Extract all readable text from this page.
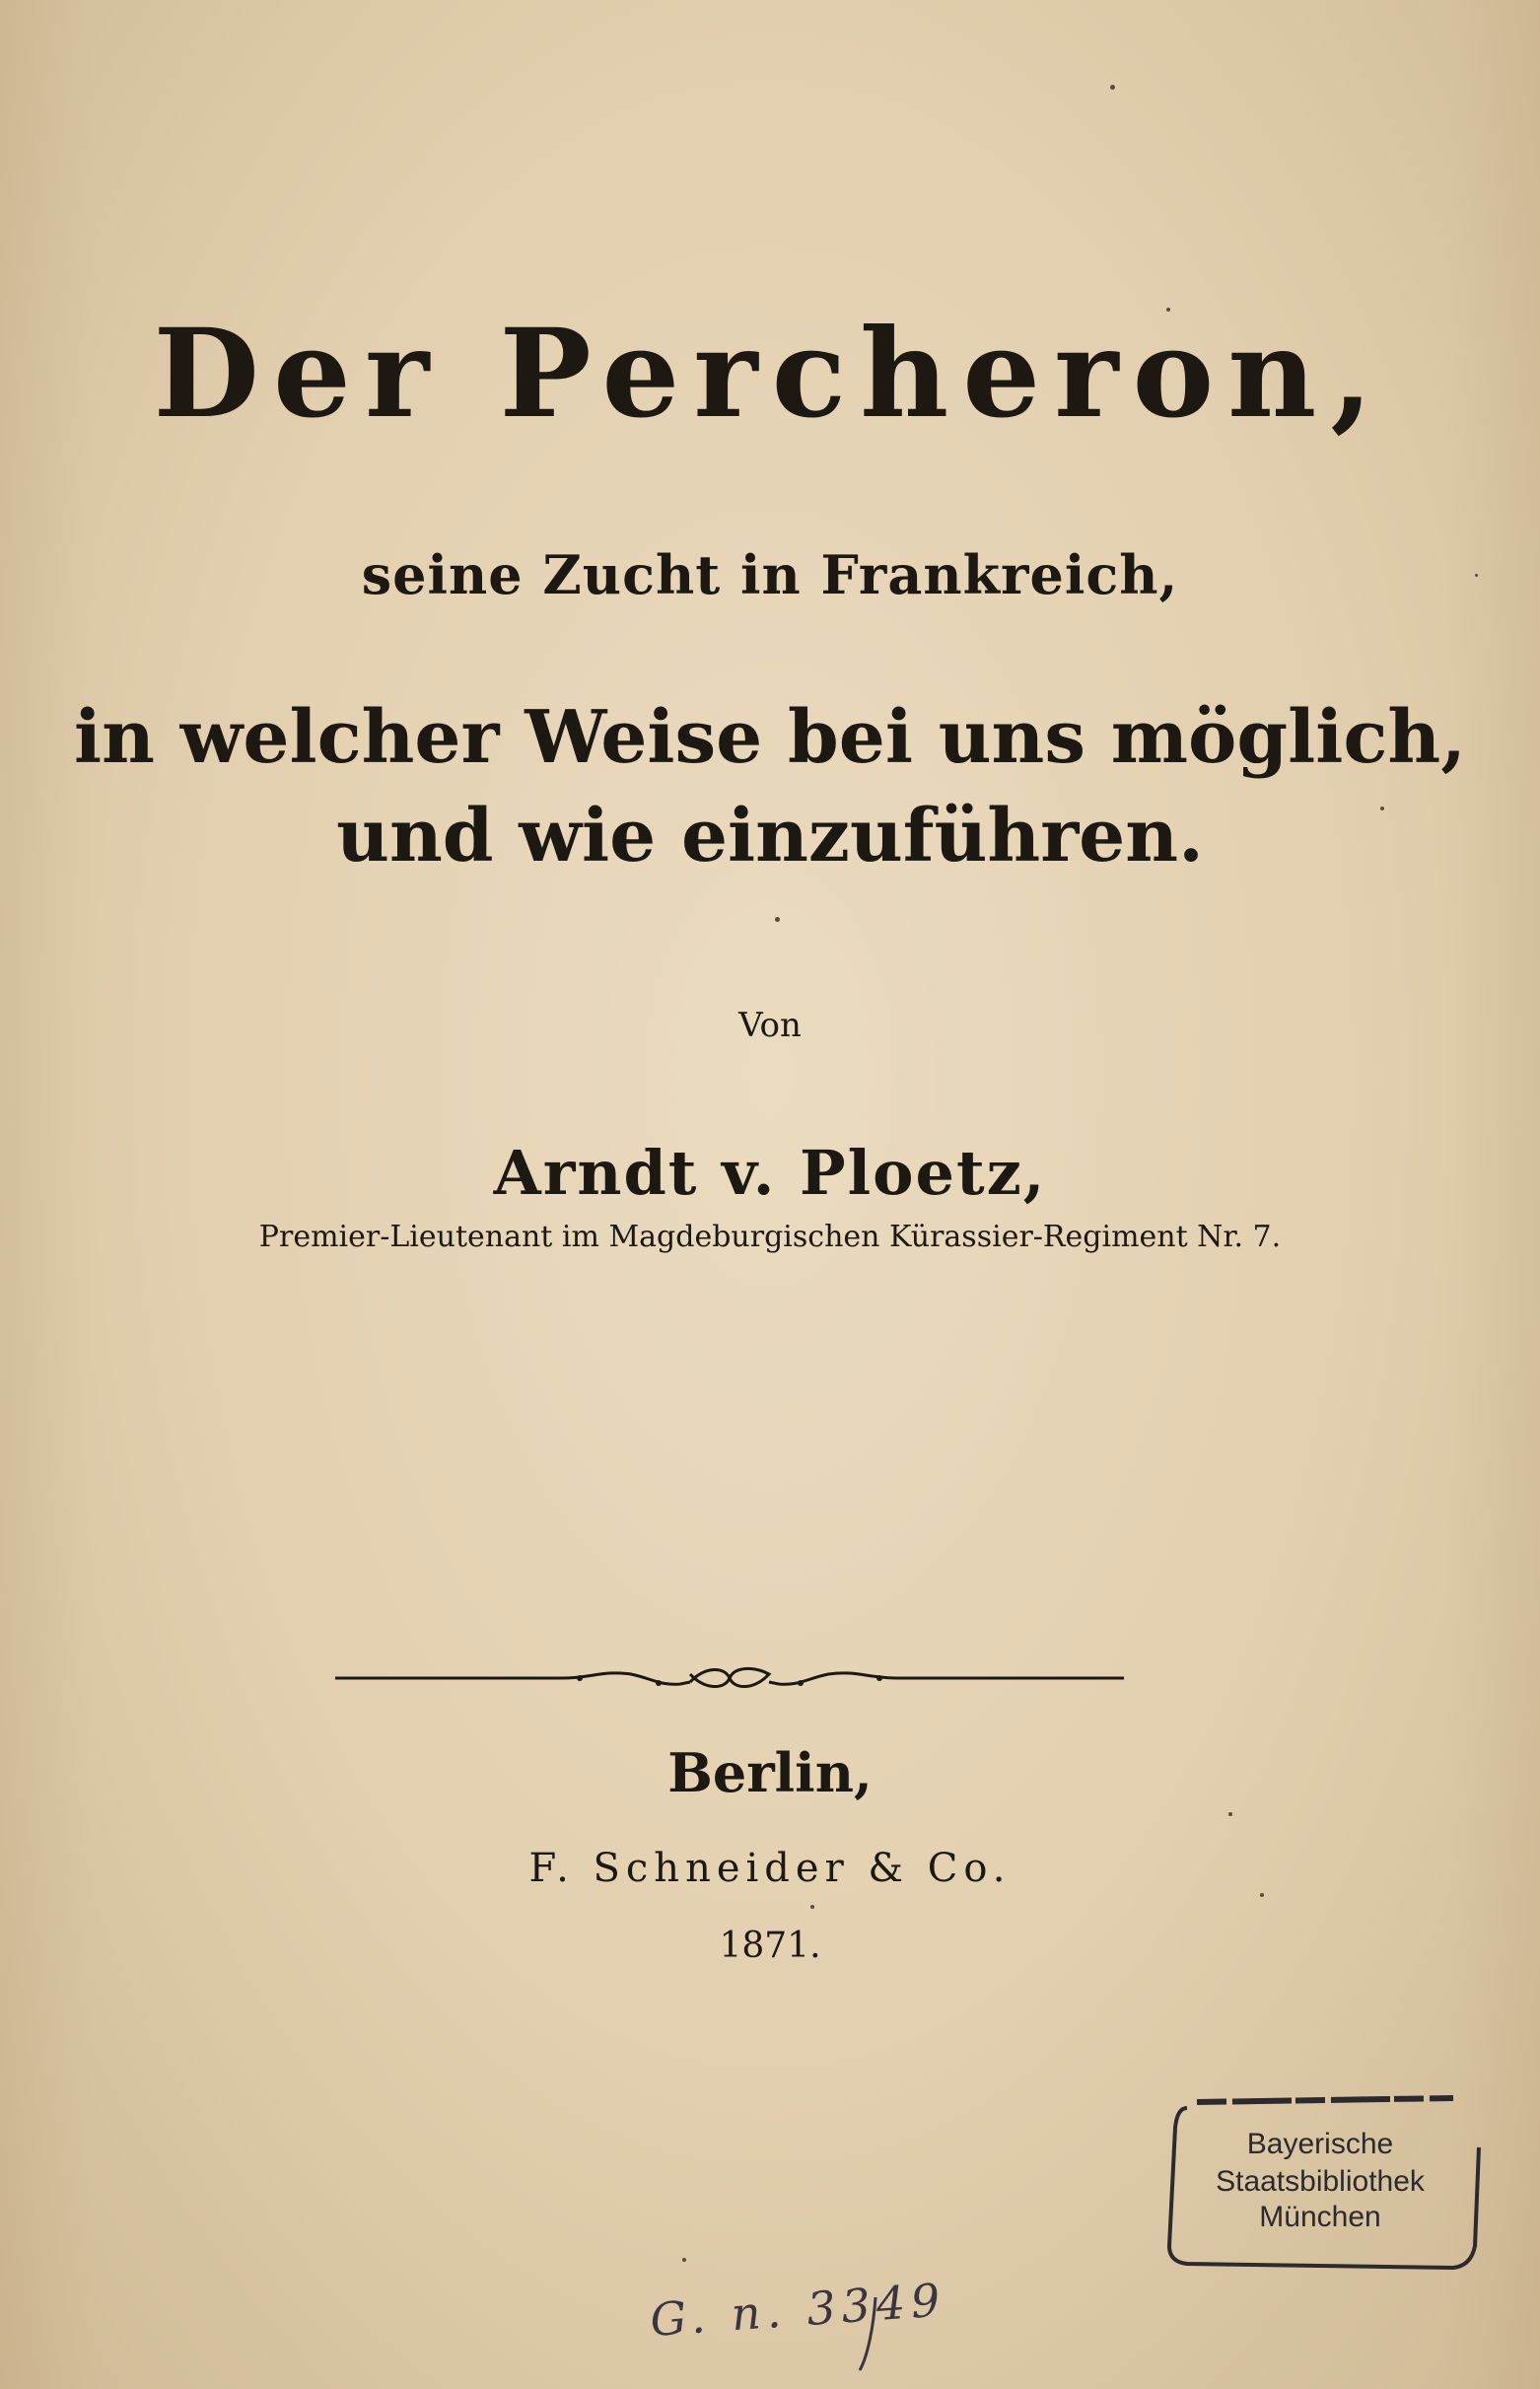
Der Percheron,
seine Zucht in Frankreich,
in welcher Weise bei uns möglich,
und wie einzuführen.
Von
Arndt v. Ploetz,
Premier-Lieutenant im Magdeburgischen Kürassier-Regiment Nr. 7.
Berlin,
F. Schneider & Co.
1871.
Bayerische
Staatsbibliothek
München
G. n. 3349
